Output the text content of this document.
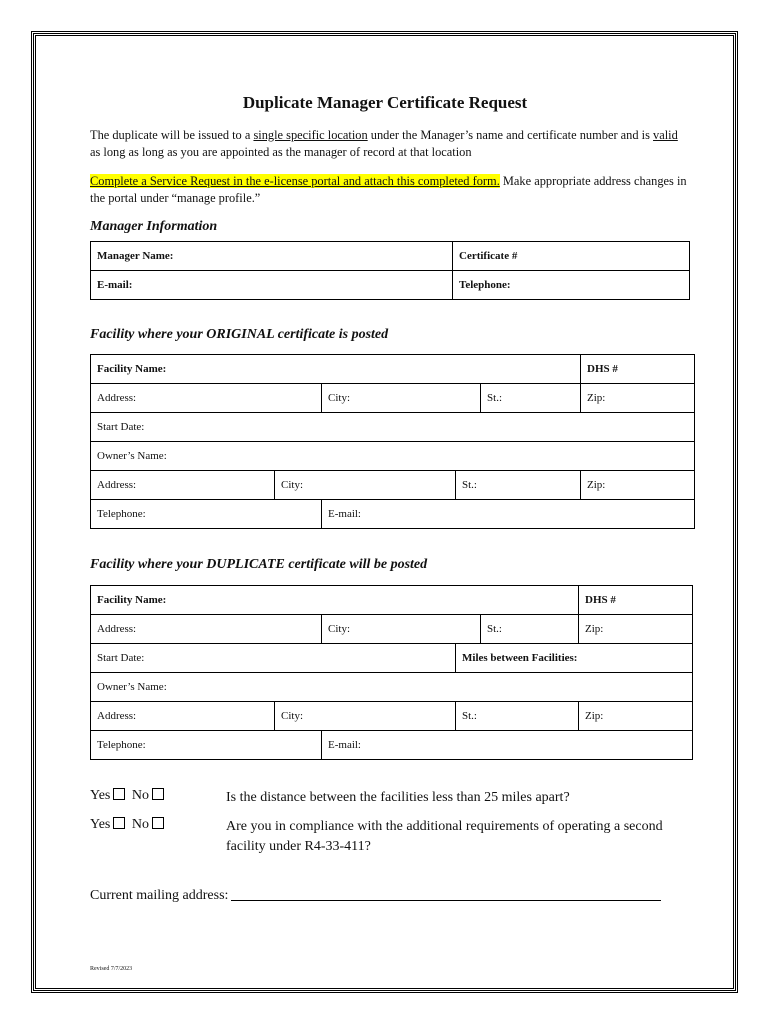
Duplicate Manager Certificate Request
The duplicate will be issued to a single specific location under the Manager’s name and certificate number and is valid as long as long as you are appointed as the manager of record at that location
Complete a Service Request in the e-license portal and attach this completed form. Make appropriate address changes in the portal under “manage profile.”
Manager Information
Manager Name:	Certificate #
E-mail:	Telephone:
Facility where your ORIGINAL certificate is posted
Facility Name:					DHS #
Address:		City:		St.:	Zip:
Start Date:					
Owner’s Name:					
Address:	City:		St.:		Zip:
Telephone:		E-mail:			
Facility where your DUPLICATE certificate will be posted
Facility Name:					DHS #
Address:		City:		St.:	Zip:
Start Date:			Miles between Facilities:		
Owner’s Name:					
Address:	City:		St.:		Zip:
Telephone:		E-mail:			
Yes No	Is the distance between the facilities less than 25 miles apart?
Yes No	Are you in compliance with the additional requirements of operating a second facility under R4-33-411?
Current mailing address:
Revised 7/7/2023
